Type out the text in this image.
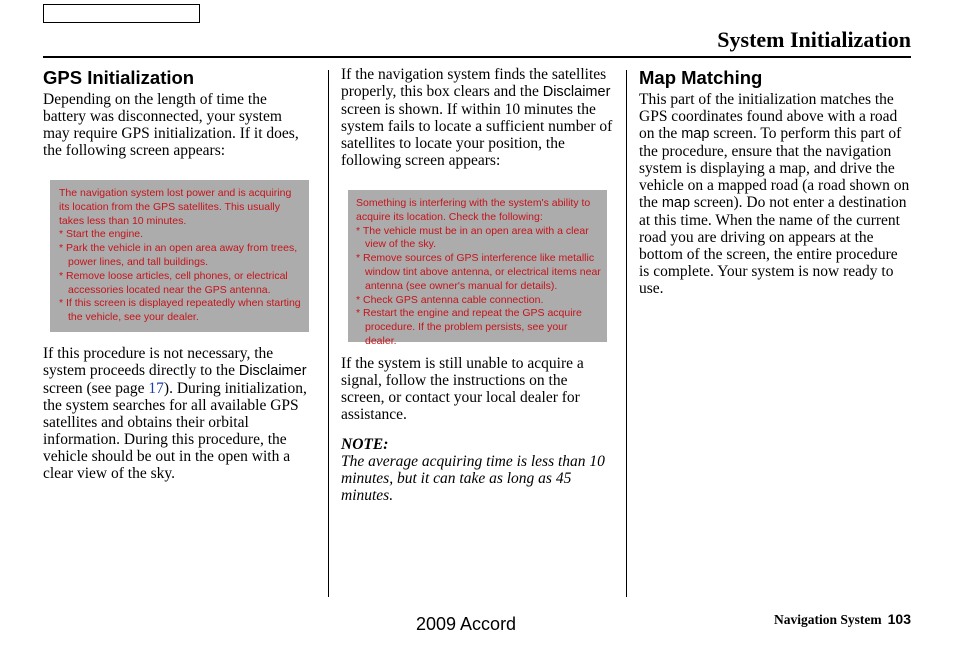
System Initialization
GPS Initialization

Depending on the length of time the battery was disconnected, your system may require GPS initialization. If it does, the following screen appears:

The navigation system lost power and is acquiring its location from the GPS satellites. This usually takes less than 10 minutes.

* Start the engine.

* Park the vehicle in an open area away from trees, power lines, and tall buildings.

* Remove loose articles, cell phones, or electrical accessories located near the GPS antenna.

* If this screen is displayed repeatedly when starting the vehicle, see your dealer.

If this procedure is not necessary, the system proceeds directly to the Disclaimer screen (see page 17). During initialization, the system searches for all available GPS satellites and obtains their orbital information. During this procedure, the vehicle should be out in the open with a clear view of the sky.

If the navigation system finds the satellites properly, this box clears and the Disclaimer screen is shown. If within 10 minutes the system fails to locate a sufficient number of satellites to locate your position, the following screen appears:

Something is interfering with the system's ability to acquire its location. Check the following:

* The vehicle must be in an open area with a clear view of the sky.

* Remove sources of GPS interference like metallic window tint above antenna, or electrical items near antenna (see owner's manual for details).

* Check GPS antenna cable connection.

* Restart the engine and repeat the GPS acquire procedure. If the problem persists, see your dealer.

If the system is still unable to acquire a signal, follow the instructions on the screen, or contact your local dealer for assistance.

NOTE:

The average acquiring time is less than 10 minutes, but it can take as long as 45 minutes.

Map Matching

This part of the initialization matches the GPS coordinates found above with a road on the map screen. To perform this part of the procedure, ensure that the navigation system is displaying a map, and drive the vehicle on a mapped road (a road shown on the map screen). Do not enter a destination at this time. When the name of the current road you are driving on appears at the bottom of the screen, the entire procedure is complete. Your system is now ready to use.

2009 Accord	Navigation System 103
